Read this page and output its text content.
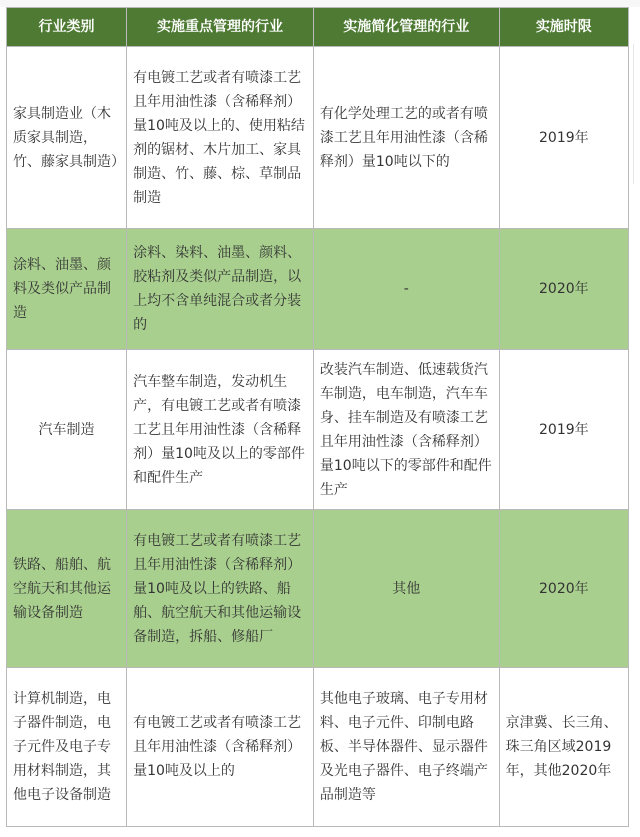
行业类别	实施重点管理的行业	实施简化管理的行业	实施时限
家具制造业（木质家具制造，竹、藤家具制造）	有电镀工艺或者有喷漆工艺且年用油性漆（含稀释剂）量10吨及以上的、使用粘结剂的锯材、木片加工、家具制造、竹、藤、棕、草制品制造	有化学处理工艺的或者有喷漆工艺且年用油性漆（含稀释剂）量10吨以下的	2019年
涂料、油墨、颜料及类似产品制造	涂料、染料、油墨、颜料、胶粘剂及类似产品制造，以上均不含单纯混合或者分装的	-	2020年
汽车制造	汽车整车制造，发动机生产，有电镀工艺或者有喷漆工艺且年用油性漆（含稀释剂）量10吨及以上的零部件和配件生产	改装汽车制造、低速载货汽车制造，电车制造，汽车车身、挂车制造及有喷漆工艺且年用油性漆（含稀释剂）量10吨以下的零部件和配件生产	2019年
铁路、船舶、航空航天和其他运输设备制造	有电镀工艺或者有喷漆工艺且年用油性漆（含稀释剂）量10吨及以上的铁路、船舶、航空航天和其他运输设备制造，拆船、修船厂	其他	2020年
计算机制造，电子器件制造，电子元件及电子专用材料制造，其他电子设备制造	有电镀工艺或者有喷漆工艺且年用油性漆（含稀释剂）量10吨及以上的	其他电子玻璃、电子专用材料、电子元件、印制电路板、半导体器件、显示器件及光电子器件、电子终端产品制造等	京津冀、长三角、珠三角区域2019年，其他2020年
